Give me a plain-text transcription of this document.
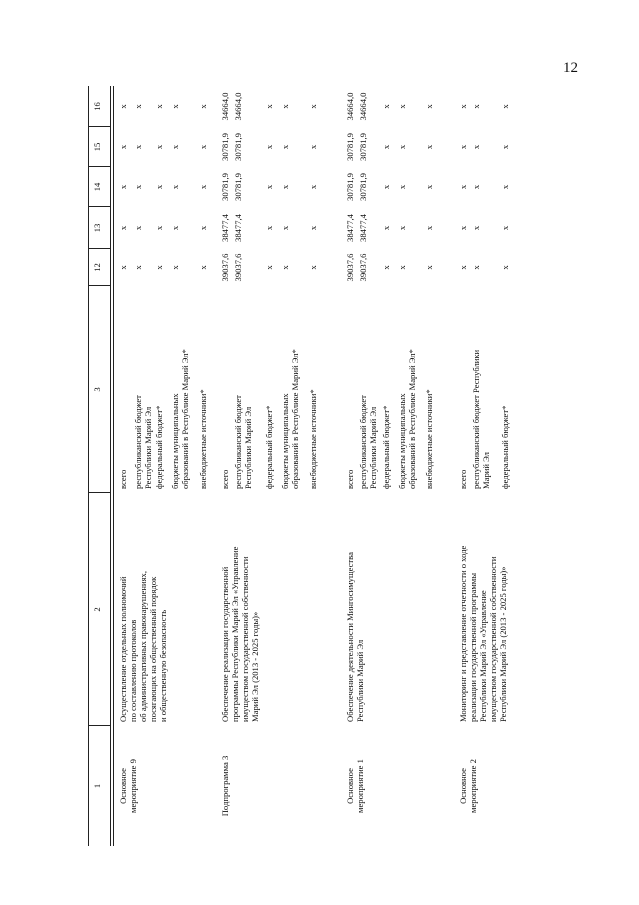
12
1
2
3
12
13
14
15
16
Основное мероприятие 9
Осуществление отдельных полномочий по составлению протоколов об административных правонарушениях, посягающих на общественный порядок и общественную безопасность
всего
x
x
x
x
x
республиканский бюджет Республики Марий Эл
x
x
x
x
x
федеральный бюджет*
x
x
x
x
x
бюджеты муниципальных образований в Республике Марий Эл*
x
x
x
x
x
внебюджетные источники*
x
x
x
x
x
Подпрограмма 3
Обеспечение реализации государственной программы Республики Марий Эл «Управление имуществом государственной собственности Марий Эл (2013 - 2025 годы)»
всего
39037,6
38477,4
30781,9
30781,9
34664,0
республиканский бюджет Республики Марий Эл
39037,6
38477,4
30781,9
30781,9
34664,0
федеральный бюджет*
x
x
x
x
x
бюджеты муниципальных образований в Республике Марий Эл*
x
x
x
x
x
внебюджетные источники*
x
x
x
x
x
Основное мероприятие 1
Обеспечение деятельности Мингосимущества Республики Марий Эл
всего
39037,6
38477,4
30781,9
30781,9
34664,0
республиканский бюджет Республики Марий Эл
39037,6
38477,4
30781,9
30781,9
34664,0
федеральный бюджет*
x
x
x
x
x
бюджеты муниципальных образований в Республике Марий Эл*
x
x
x
x
x
внебюджетные источники*
x
x
x
x
x
Основное мероприятие 2
Мониторинг и представление отчетности о ходе реализации государственной программы Республики Марий Эл «Управление имуществом государственной собственности Республики Марий Эл (2013 - 2025 годы)»
всего
x
x
x
x
x
республиканский бюджет Республики Марий Эл
x
x
x
x
x
федеральный бюджет*
x
x
x
x
x
